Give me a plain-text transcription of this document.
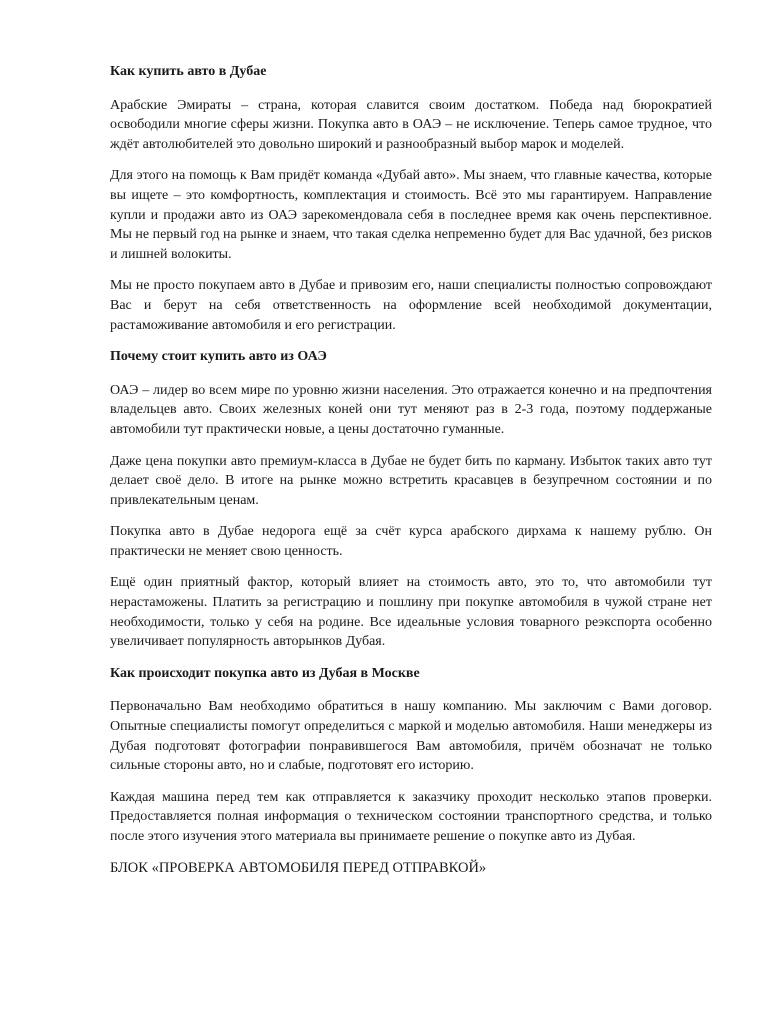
Как купить авто в Дубае

Арабские Эмираты – страна, которая славится своим достатком. Победа над бюрократией освободили многие сферы жизни. Покупка авто в ОАЭ – не исключение. Теперь самое трудное, что ждёт автолюбителей это довольно широкий и разнообразный выбор марок и моделей.

Для этого на помощь к Вам придёт команда «Дубай авто». Мы знаем, что главные качества, которые вы ищете – это комфортность, комплектация и стоимость. Всё это мы гарантируем. Направление купли и продажи авто из ОАЭ зарекомендовала себя в последнее время как очень перспективное. Мы не первый год на рынке и знаем, что такая сделка непременно будет для Вас удачной, без рисков и лишней волокиты.

Мы не просто покупаем авто в Дубае и привозим его, наши специалисты полностью сопровождают Вас и берут на себя ответственность на оформление всей необходимой документации, растаможивание автомобиля и его регистрации.

Почему стоит купить авто из ОАЭ

ОАЭ – лидер во всем мире по уровню жизни населения. Это отражается конечно и на предпочтения владельцев авто. Своих железных коней они тут меняют раз в 2-3 года, поэтому поддержаные автомобили тут практически новые, а цены достаточно гуманные.

Даже цена покупки авто премиум-класса в Дубае не будет бить по карману. Избыток таких авто тут делает своё дело. В итоге на рынке можно встретить красавцев в безупречном состоянии и по привлекательным ценам.

Покупка авто в Дубае недорога ещё за счёт курса арабского дирхама к нашему рублю. Он практически не меняет свою ценность.

Ещё один приятный фактор, который влияет на стоимость авто, это то, что автомобили тут нерастаможены. Платить за регистрацию и пошлину при покупке автомобиля в чужой стране нет необходимости, только у себя на родине. Все идеальные условия товарного реэкспорта особенно увеличивает популярность авторынков Дубая.

Как происходит покупка авто из Дубая в Москве

Первоначально Вам необходимо обратиться в нашу компанию. Мы заключим с Вами договор. Опытные специалисты помогут определиться с маркой и моделью автомобиля. Наши менеджеры из Дубая подготовят фотографии понравившегося Вам автомобиля, причём обозначат не только сильные стороны авто, но и слабые, подготовят его историю.

Каждая машина перед тем как отправляется к заказчику проходит несколько этапов проверки. Предоставляется полная информация о техническом состоянии транспортного средства, и только после этого изучения этого материала вы принимаете решение о покупке авто из Дубая.

БЛОК «ПРОВЕРКА АВТОМОБИЛЯ ПЕРЕД ОТПРАВКОЙ»
